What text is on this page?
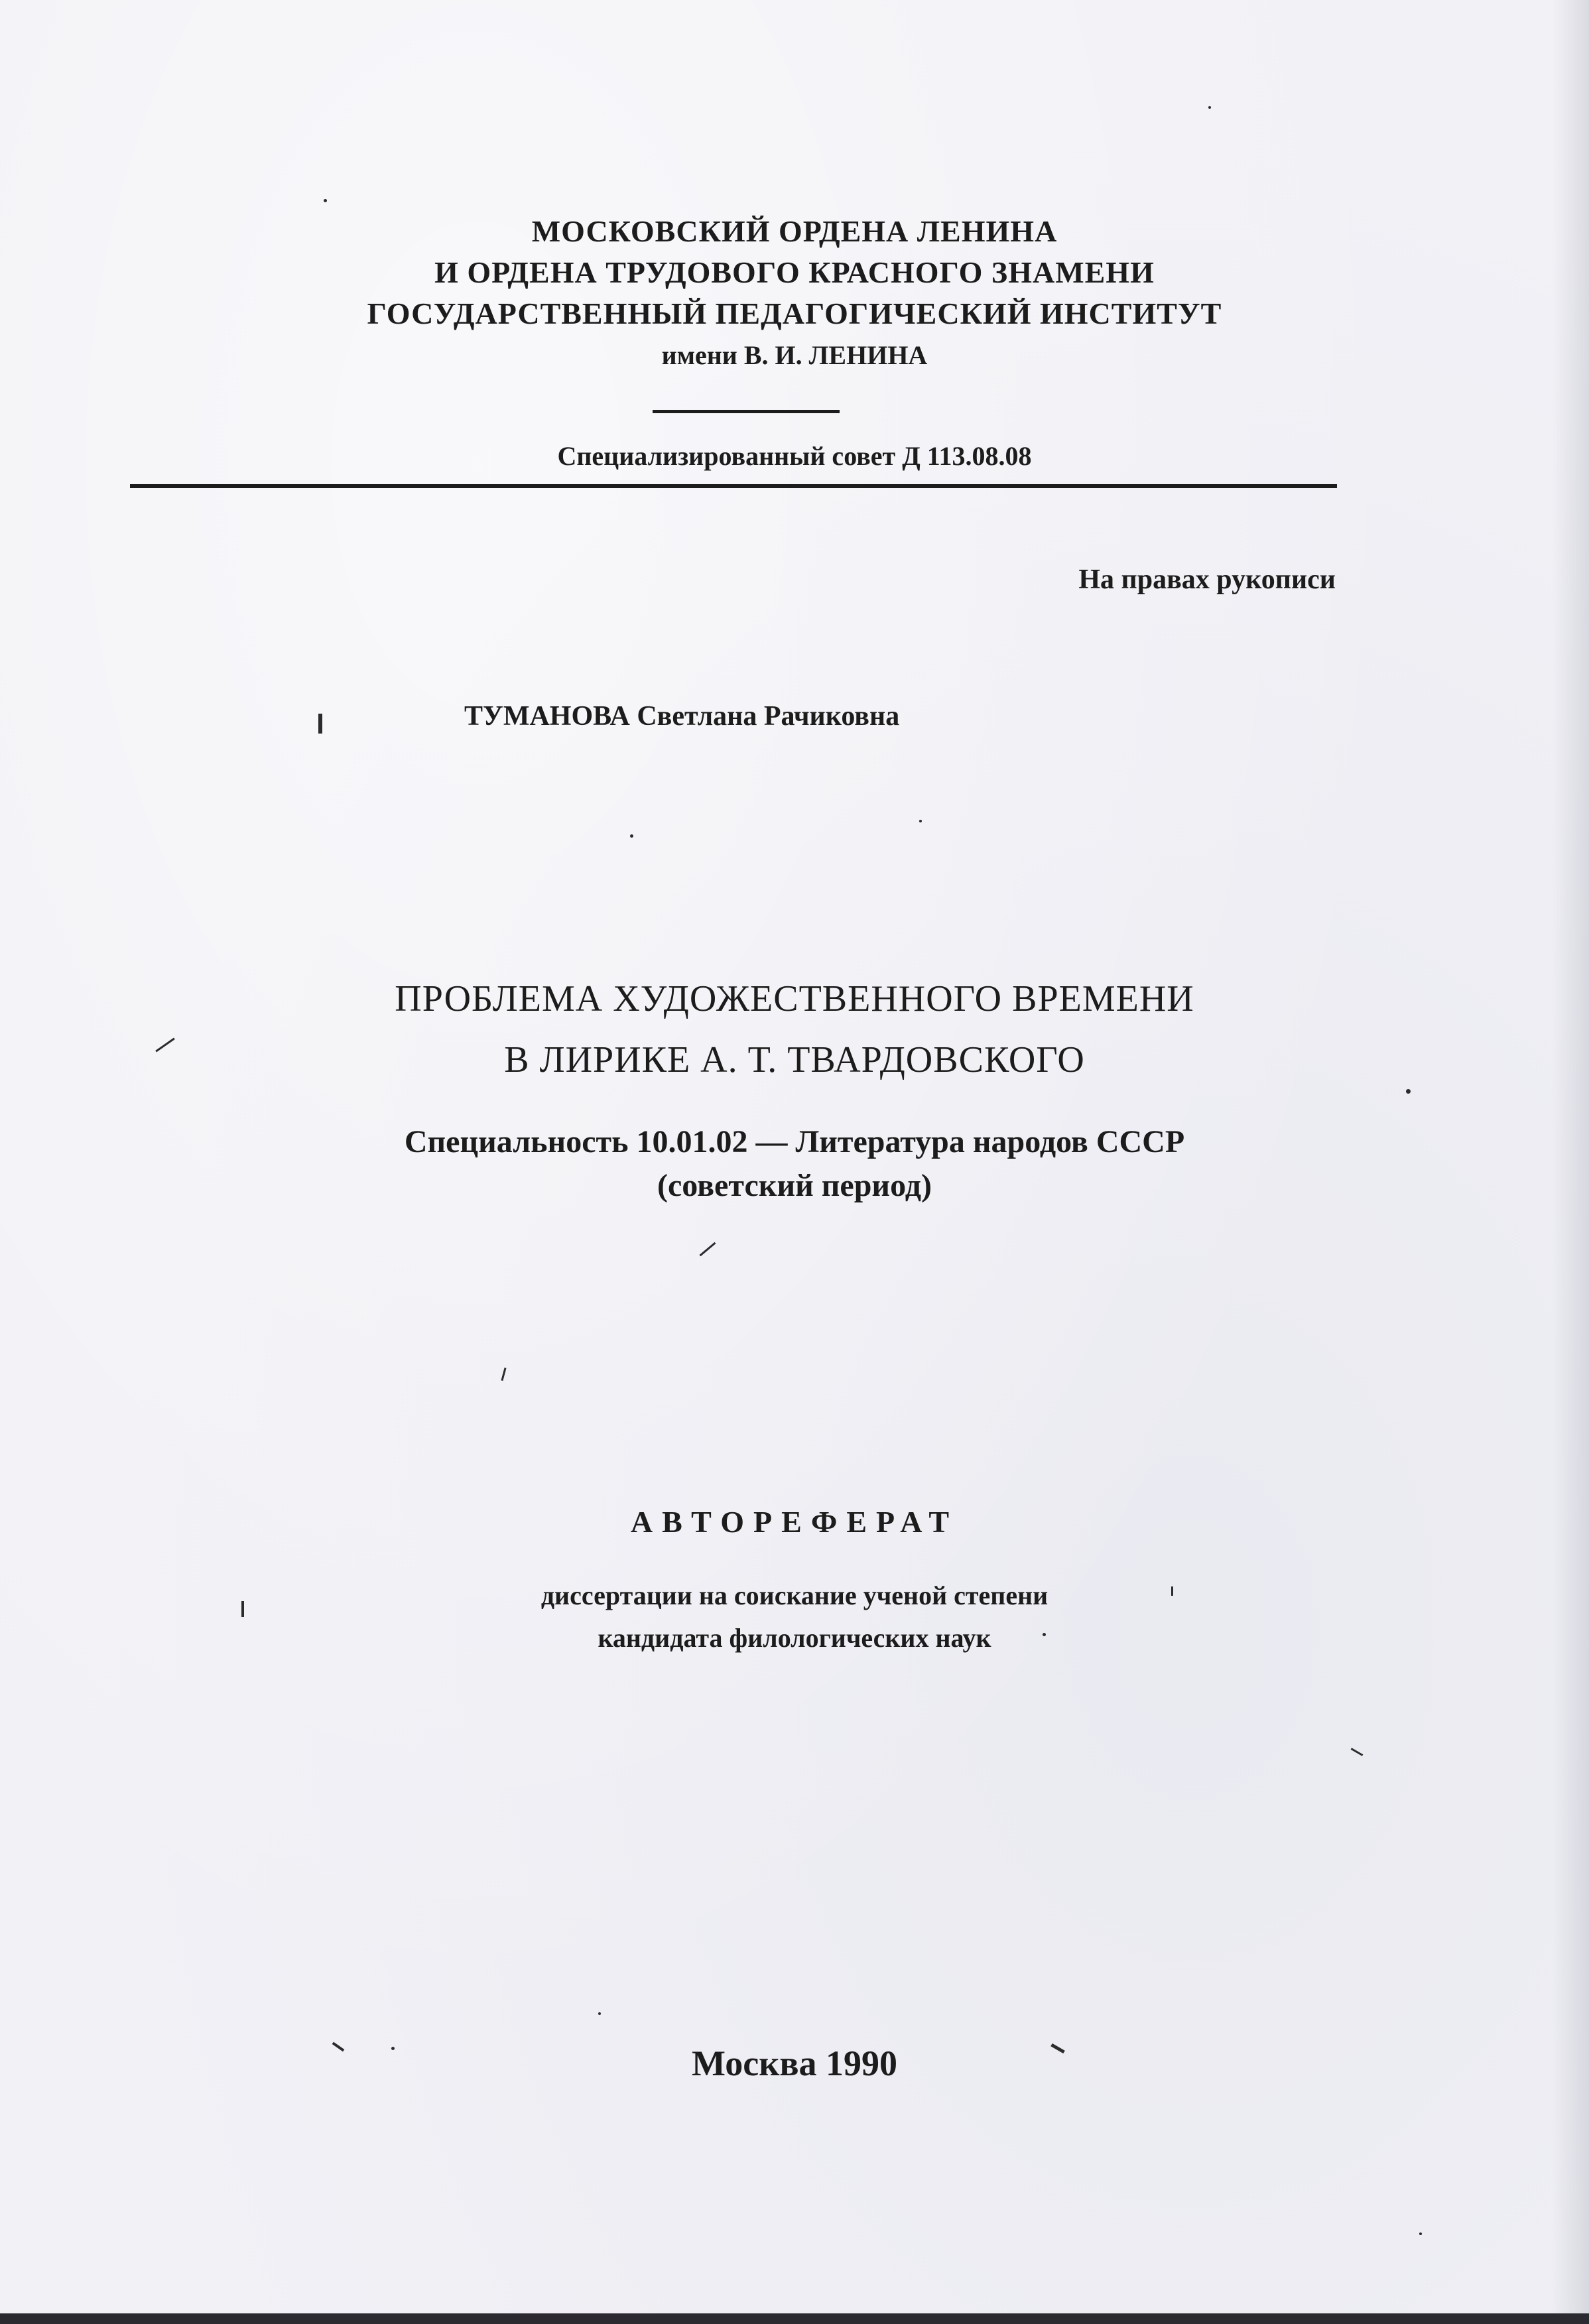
МОСКОВСКИЙ ОРДЕНА ЛЕНИНА

И ОРДЕНА ТРУДОВОГО КРАСНОГО ЗНАМЕНИ

ГОСУДАРСТВЕННЫЙ ПЕДАГОГИЧЕСКИЙ ИНСТИТУТ

имени В. И. ЛЕНИНА

Специализированный совет Д 113.08.08

На правах рукописи
ТУМАНОВА Светлана Рачиковна

ПРОБЛЕМА ХУДОЖЕСТВЕННОГО ВРЕМЕНИ

В ЛИРИКЕ А. Т. ТВАРДОВСКОГО

Специальность 10.01.02 — Литература народов СССР

(советский период)

АВТОРЕФЕРАТ

диссертации на соискание ученой степени

кандидата филологических наук

Москва 1990
